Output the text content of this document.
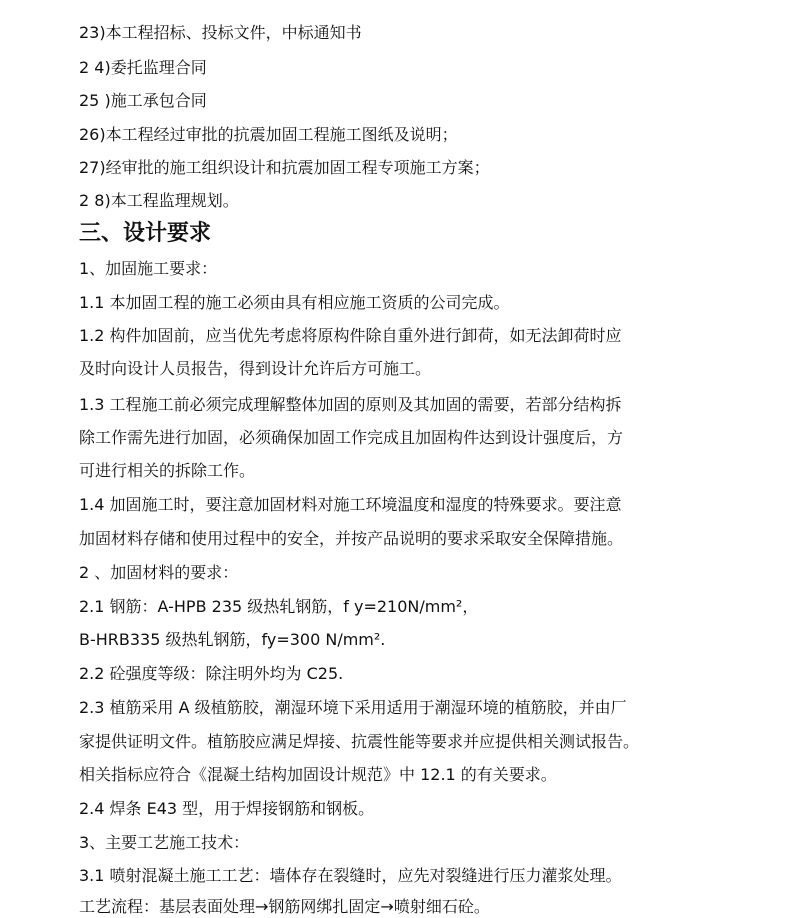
23)本工程招标、投标文件，中标通知书
2 4)委托监理合同
25 )施工承包合同
26)本工程经过审批的抗震加固工程施工图纸及说明；
27)经审批的施工组织设计和抗震加固工程专项施工方案；
2 8)本工程监理规划。
三、设计要求
1、加固施工要求：
1.1 本加固工程的施工必须由具有相应施工资质的公司完成。
1.2 构件加固前，应当优先考虑将原构件除自重外进行卸荷，如无法卸荷时应
及时向设计人员报告，得到设计允许后方可施工。
1.3 工程施工前必须完成理解整体加固的原则及其加固的需要，若部分结构拆
除工作需先进行加固，必须确保加固工作完成且加固构件达到设计强度后，方
可进行相关的拆除工作。
1.4 加固施工时，要注意加固材料对施工环境温度和湿度的特殊要求。要注意
加固材料存储和使用过程中的安全，并按产品说明的要求采取安全保障措施。
2 、加固材料的要求：
2.1 钢筋：A-HPB 235 级热轧钢筋，f y=210N/mm²，
B-HRB335 级热轧钢筋，fy=300 N/mm².
2.2 砼强度等级：除注明外均为 C25.
2.3 植筋采用 A 级植筋胶，潮湿环境下采用适用于潮湿环境的植筋胶，并由厂
家提供证明文件。植筋胶应满足焊接、抗震性能等要求并应提供相关测试报告。
相关指标应符合《混凝土结构加固设计规范》中 12.1 的有关要求。
2.4 焊条 E43 型，用于焊接钢筋和钢板。
3、主要工艺施工技术：
3.1 喷射混凝土施工工艺：墙体存在裂缝时，应先对裂缝进行压力灌浆处理。
工艺流程：基层表面处理→钢筋网绑扎固定→喷射细石砼。
